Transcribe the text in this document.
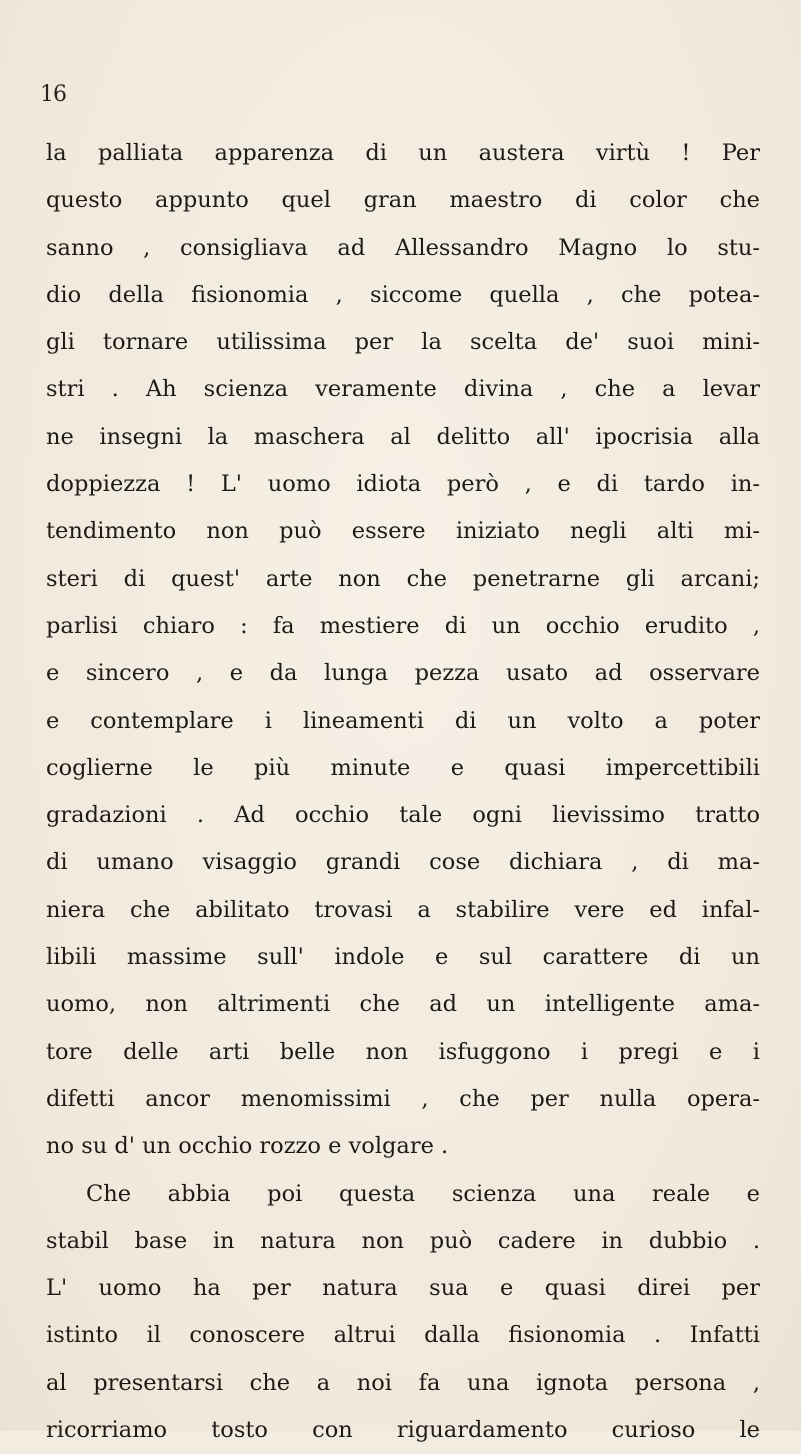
16
la palliata apparenza di un austera virtù ! Per
questo appunto quel gran maestro di color che
sanno , consigliava ad Allessandro Magno lo stu-
dio della fisionomia , siccome quella , che potea-
gli tornare utilissima per la scelta de' suoi mini-
stri . Ah scienza veramente divina , che a levar
ne insegni la maschera al delitto all' ipocrisia alla
doppiezza ! L' uomo idiota però , e di tardo in-
tendimento non può essere iniziato negli alti mi-
steri di quest' arte non che penetrarne gli arcani;
parlisi chiaro : fa mestiere di un occhio erudito ,
e sincero , e da lunga pezza usato ad osservare
e contemplare i lineamenti di un volto a poter
coglierne le più minute e quasi impercettibili
gradazioni . Ad occhio tale ogni lievissimo tratto
di umano visaggio grandi cose dichiara , di ma-
niera che abilitato trovasi a stabilire vere ed infal-
libili massime sull' indole e sul carattere di un
uomo, non altrimenti che ad un intelligente ama-
tore delle arti belle non isfuggono i pregi e i
difetti ancor menomissimi , che per nulla opera-
no su d' un occhio rozzo e volgare .
Che abbia poi questa scienza una reale e
stabil base in natura non può cadere in dubbio .
L' uomo ha per natura sua e quasi direi per
istinto il conoscere altrui dalla fisionomia . Infatti
al presentarsi che a noi fa una ignota persona ,
ricorriamo tosto con riguardamento curioso le
